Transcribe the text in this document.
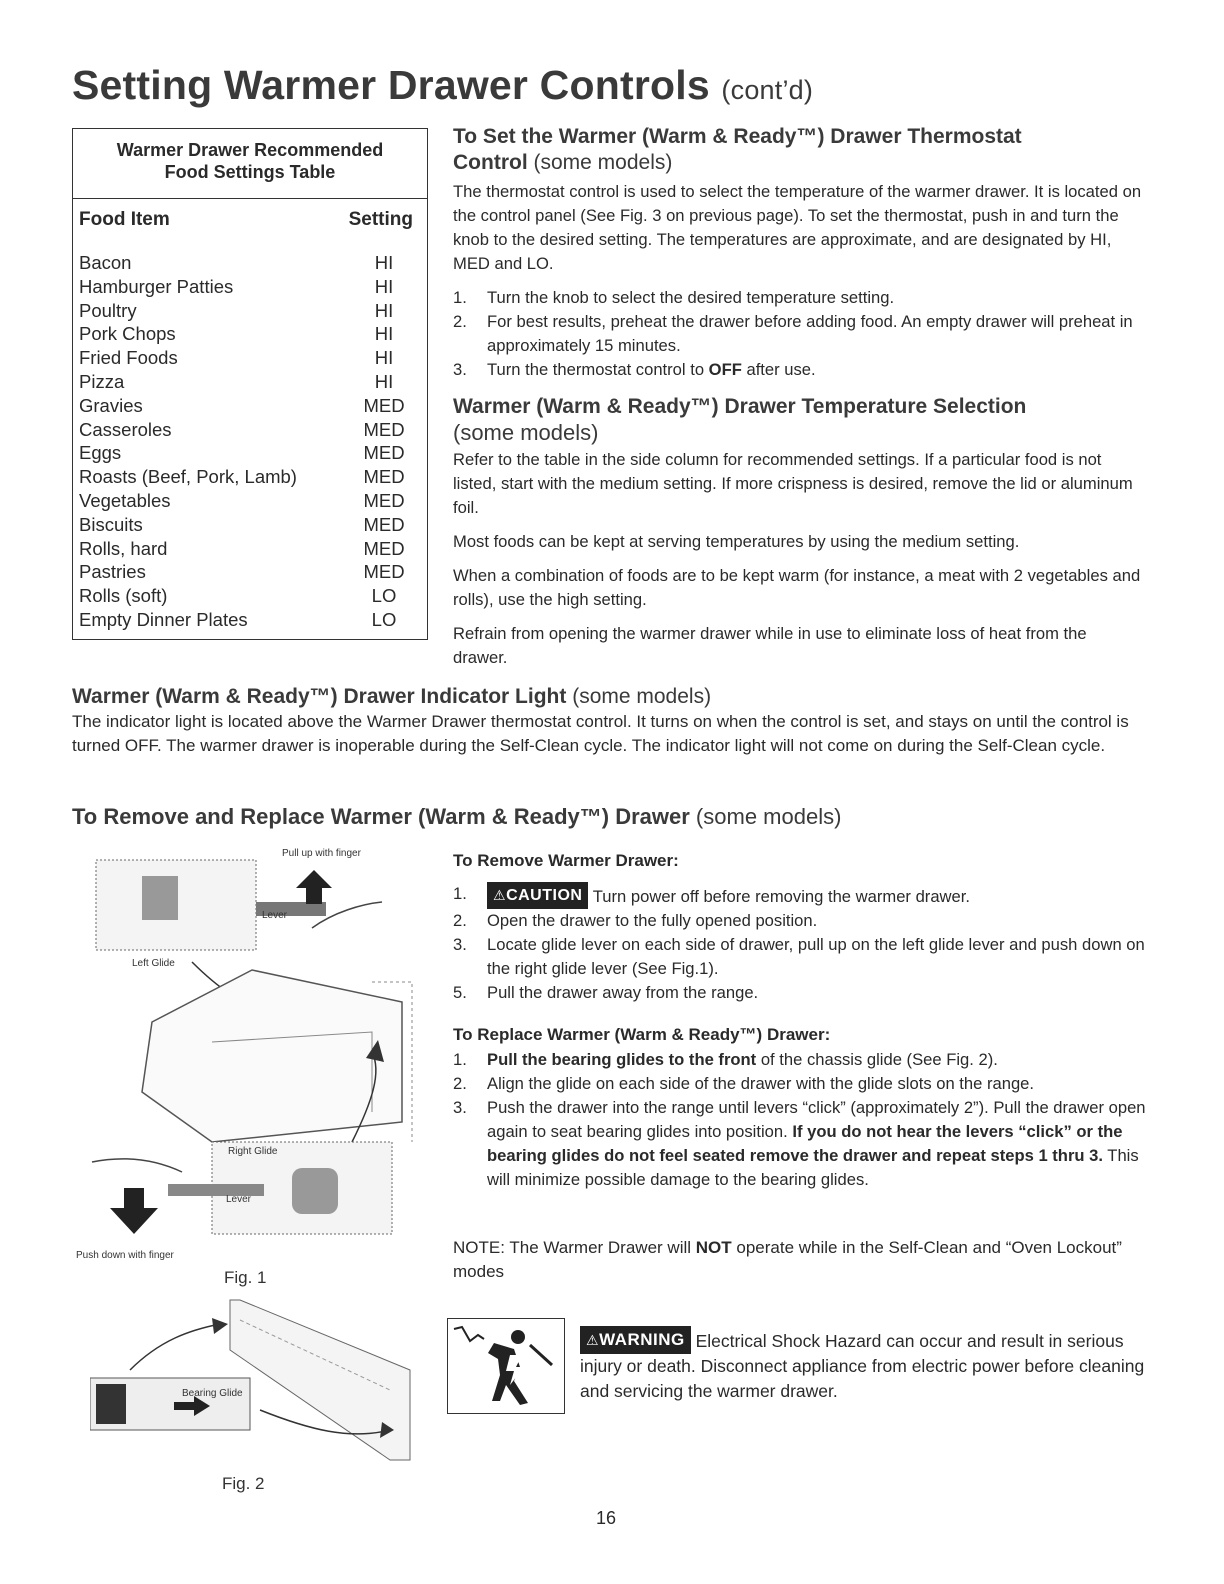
Setting Warmer Drawer Controls (cont’d)
Warmer Drawer Recommended
Food Settings Table
Food Item	Setting
Bacon	HI
Hamburger Patties	HI
Poultry	HI
Pork Chops	HI
Fried Foods	HI
Pizza	HI
Gravies	MED
Casseroles	MED
Eggs	MED
Roasts (Beef, Pork, Lamb)	MED
Vegetables	MED
Biscuits	MED
Rolls, hard	MED
Pastries	MED
Rolls (soft)	LO
Empty Dinner Plates	LO
To Set the Warmer (Warm & Ready™) Drawer Thermostat
Control (some models)

The thermostat control is used to select the temperature of the warmer drawer. It is located on the control panel (See Fig. 3 on previous page). To set the thermostat, push in and turn the knob to the desired setting. The temperatures are approximate, and are designated by HI, MED and LO.

1.	Turn the knob to select the desired temperature setting.
2.	For best results, preheat the drawer before adding food. An empty drawer will preheat in approximately 15 minutes.
3.	Turn the thermostat control to OFF after use.
Warmer (Warm & Ready™) Drawer Temperature Selection
(some models)

Refer to the table in the side column for recommended settings. If a particular food is not listed, start with the medium setting. If more crispness is desired, remove the lid or aluminum foil.

Most foods can be kept at serving temperatures by using the medium setting.

When a combination of foods are to be kept warm (for instance, a meat with 2 vegetables and rolls), use the high setting.

Refrain from opening the warmer drawer while in use to eliminate loss of heat from the drawer.

Warmer (Warm & Ready™) Drawer Indicator Light (some models)

The indicator light is located above the Warmer Drawer thermostat control. It turns on when the control is set, and stays on until the control is turned OFF. The warmer drawer is inoperable during the Self-Clean cycle. The indicator light will not come on during the Self-Clean cycle.

To Remove and Replace Warmer (Warm & Ready™) Drawer (some models)
To Remove Warmer Drawer:
1.	⚠CAUTION Turn power off before removing the warmer drawer.
2.	Open the drawer to the fully opened position.
3.	Locate glide lever on each side of drawer, pull up on the left glide lever and push down on the right glide lever (See Fig.1).
5.	Pull the drawer away from the range.
To Replace Warmer (Warm & Ready™) Drawer:
1.	Pull the bearing glides to the front of the chassis glide (See Fig. 2).
2.	Align the glide on each side of the drawer with the glide slots on the range.
3.	Push the drawer into the range until levers “click” (approximately 2”). Pull the drawer open again to seat bearing glides into position. If you do not hear the levers “click” or the bearing glides do not feel seated remove the drawer and repeat steps 1 thru 3. This will minimize possible damage to the bearing glides.
NOTE: The Warmer Drawer will NOT operate while in the Self-Clean and “Oven Lockout” modes
⚠WARNING Electrical Shock Hazard can occur and result in serious injury or death. Disconnect appliance from electric power before cleaning and servicing the warmer drawer.
Pull up with finger
Left Glide
Lever
Right Glide
Lever
Push down with finger
Fig. 1
Bearing Glide
Fig. 2
16
